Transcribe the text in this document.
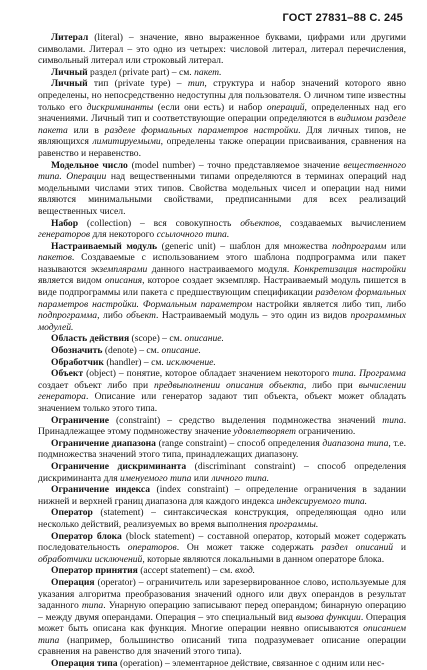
ГОСТ 27831–88 С. 245

Литерал (literal) – значение, явно выраженное буквами, цифрами или другими символами. Литерал – это одно из четырех: числовой литерал, литерал перечисления, символьный литерал или строковый литерал.

Личный раздел (private part) – см. пакет.

Личный тип (private type) – тип, структура и набор значений которого явно определены, но непосредственно недоступны для пользователя. О личном типе известны только его дискриминанты (если они есть) и набор операций, определенных над его значениями. Личный тип и соответствующие операции определяются в видимом разделе пакета или в разделе формальных параметров настройки. Для личных типов, не являющихся лимитируемыми, определены также операции присваивания, сравнения на равенство и неравенство.

Модельное число (model number) – точно представляемое значение вещественного типа. Операции над вещественными типами определяются в терминах операций над модельными числами этих типов. Свойства модельных чисел и операции над ними являются минимальными свойствами, предписанными для всех реализаций вещественных чисел.

Набор (collection) – вся совокупность объектов, создаваемых вычислением генераторов для некоторого ссылочного типа.

Настраиваемый модуль (generic unit) – шаблон для множества подпрограмм или пакетов. Создаваемые с использованием этого шаблона подпрограмма или пакет называются экземплярами данного настраиваемого модуля. Конкретизация настройки является видом описания, которое создает экземпляр. Настраиваемый модуль пишется в виде подпрограммы или пакета с предшествующим спецификации разделом формальных параметров настройки. Формальным параметром настройки является либо тип, либо подпрограмма, либо объект. Настраиваемый модуль – это один из видов программных модулей.

Область действия (scope) – см. описание.

Обозначить (denote) – см. описание.

Обработчик (handler) – см. исключение.

Объект (object) – понятие, которое обладает значением некоторого типа. Программа создает объект либо при предвыполнении описания объекта, либо при вычислении генератора. Описание или генератор задают тип объекта, объект может обладать значением только этого типа.

Ограничение (constraint) – средство выделения подмножества значений типа. Принадлежащее этому подмножеству значение удовлетворяет ограничению.

Ограничение диапазона (range constraint) – способ определения диапазона типа, т.е. подмножества значений этого типа, принадлежащих диапазону.

Ограничение дискриминанта (discriminant constraint) – способ определения дискриминанта для именуемого типа или личного типа.

Ограничение индекса (index constraint) – определение ограничения в задании нижней и верхней границ диапазона для каждого индекса индексируемого типа.

Оператор (statement) – синтаксическая конструкция, определяющая одно или несколько действий, реализуемых во время выполнения программы.

Оператор блока (block statement) – составной оператор, который может содержать последовательность операторов. Он может также содержать раздел описаний и обработчики исключений, которые являются локальными в данном операторе блока.

Оператор принятия (accept statement) – см. вход.

Операция (operator) – ограничитель или зарезервированное слово, используемые для указания алгоритма преобразования значений одного или двух операндов в результат заданного типа. Унарную операцию записывают перед операндом; бинарную операцию – между двумя операндами. Операция – это специальный вид вызова функции. Операция может быть описана как функция. Многие операции неявно описываются описанием типа (например, большинство описаний типа подразумевает описание операции сравнения на равенство для значений этого типа).

Операция типа (operation) – элементарное действие, связанное с одним или нес-
